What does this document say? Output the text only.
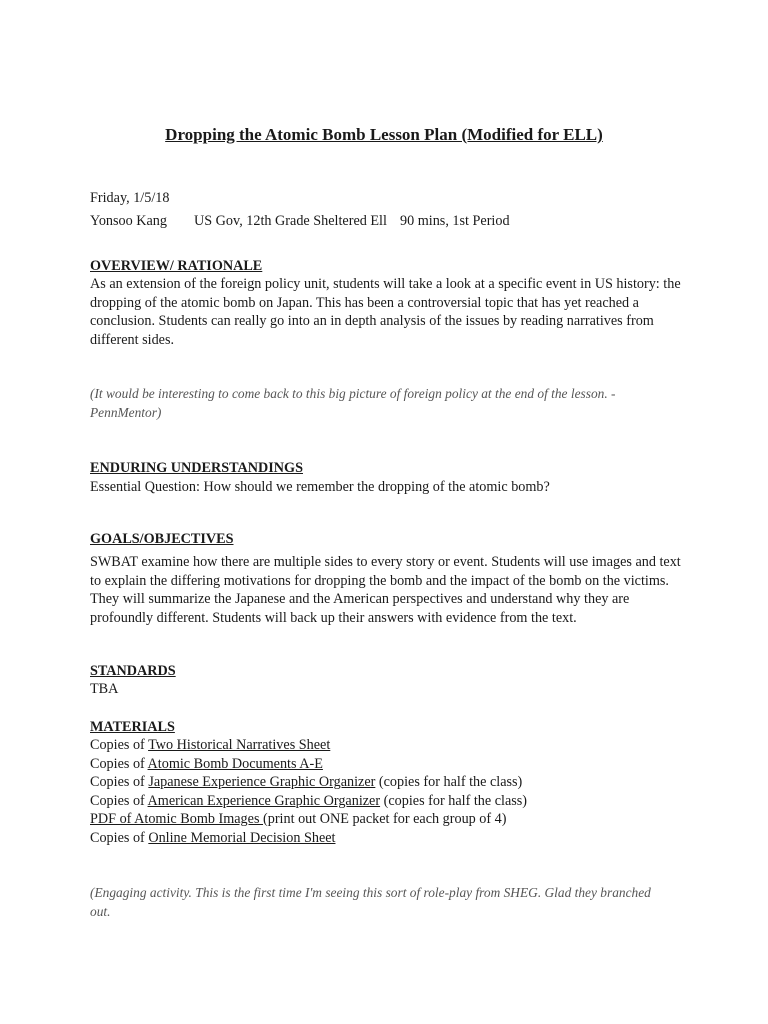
Dropping the Atomic Bomb Lesson Plan (Modified for ELL)
Friday, 1/5/18
Yonsoo Kang US Gov, 12th Grade Sheltered Ell 90 mins, 1st Period
OVERVIEW/ RATIONALE
As an extension of the foreign policy unit, students will take a look at a specific event in US history: the
dropping of the atomic bomb on Japan. This has been a controversial topic that has yet reached a
conclusion. Students can really go into an in depth analysis of the issues by reading narratives from
different sides.
(It would be interesting to come back to this big picture of foreign policy at the end of the lesson. -
PennMentor)
ENDURING UNDERSTANDINGS
Essential Question: How should we remember the dropping of the atomic bomb?
GOALS/OBJECTIVES
SWBAT examine how there are multiple sides to every story or event. Students will use images and text
to explain the differing motivations for dropping the bomb and the impact of the bomb on the victims.
They will summarize the Japanese and the American perspectives and understand why they are
profoundly different. Students will back up their answers with evidence from the text.
STANDARDS
TBA
MATERIALS
Copies of Two Historical Narratives Sheet
Copies of Atomic Bomb Documents A-E
Copies of Japanese Experience Graphic Organizer (copies for half the class)
Copies of American Experience Graphic Organizer (copies for half the class)
PDF of Atomic Bomb Images (print out ONE packet for each group of 4)
Copies of Online Memorial Decision Sheet
(Engaging activity. This is the first time I'm seeing this sort of role-play from SHEG. Glad they branched
out.
